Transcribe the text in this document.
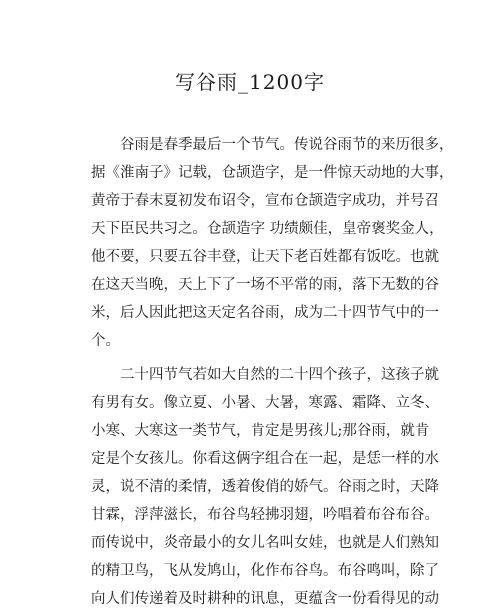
写谷雨_1200字
　　谷雨是春季最后一个节气。传说谷雨节的来历很多，
据《淮南子》记载，仓颉造字，是一件惊天动地的大事，
黄帝于春末夏初发布诏令，宣布仓颉造字成功，并号召
天下臣民共习之。仓颉造字 功绩颇佳，皇帝褒奖金人，
他不要，只要五谷丰登，让天下老百姓都有饭吃。也就
在这天当晚，天上下了一场不平常的雨，落下无数的谷
米，后人因此把这天定名谷雨，成为二十四节气中的一
个。
　　二十四节气若如大自然的二十四个孩子，这孩子就
有男有女。像立夏、小暑、大暑，寒露、霜降、立冬、
小寒、大寒这一类节气，肯定是男孩儿;那谷雨，就肯
定是个女孩儿。你看这俩字组合在一起，是恁一样的水
灵，说不清的柔情，透着俊俏的娇气。谷雨之时，天降
甘霖，浮萍滋长，布谷鸟轻拂羽翅，吟唱着布谷布谷。
而传说中，炎帝最小的女儿名叫女娃，也就是人们熟知
的精卫鸟，飞从发鸠山，化作布谷鸟。布谷鸣叫，除了
向人们传递着及时耕种的讯息，更蕴含一份看得见的动
